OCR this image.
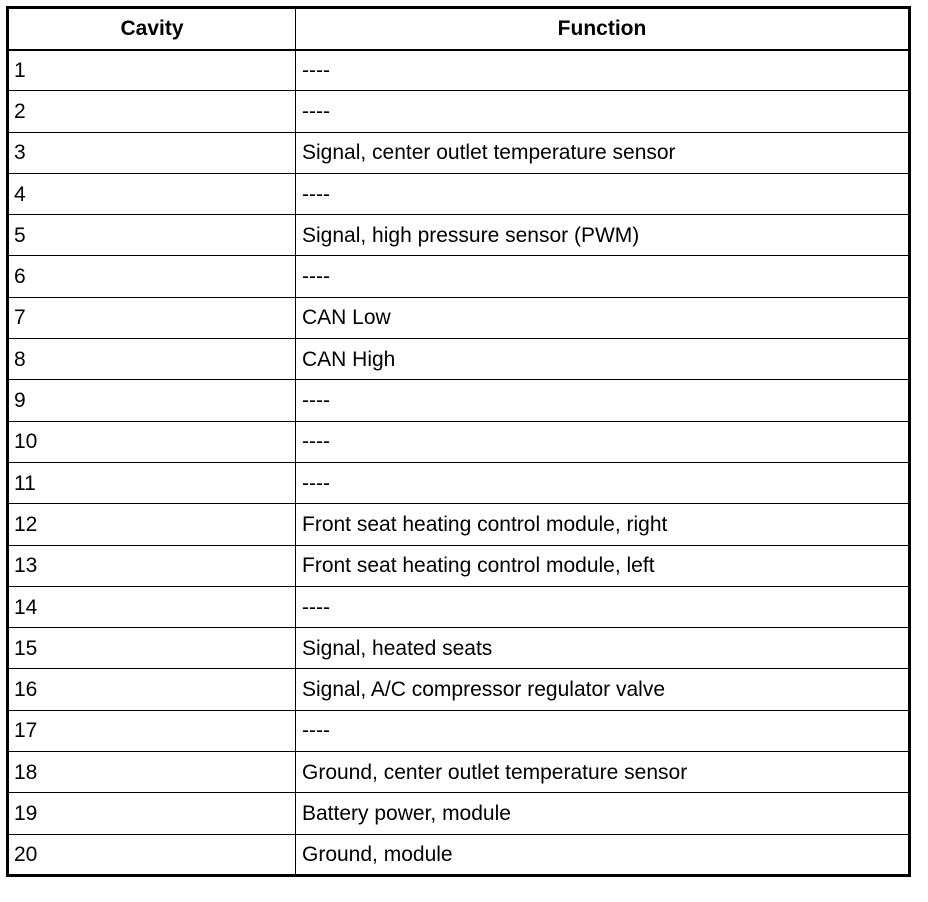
Cavity	Function
1	----
2	----
3	Signal, center outlet temperature sensor
4	----
5	Signal, high pressure sensor (PWM)
6	----
7	CAN Low
8	CAN High
9	----
10	----
11	----
12	Front seat heating control module, right
13	Front seat heating control module, left
14	----
15	Signal, heated seats
16	Signal, A/C compressor regulator valve
17	----
18	Ground, center outlet temperature sensor
19	Battery power, module
20	Ground, module
